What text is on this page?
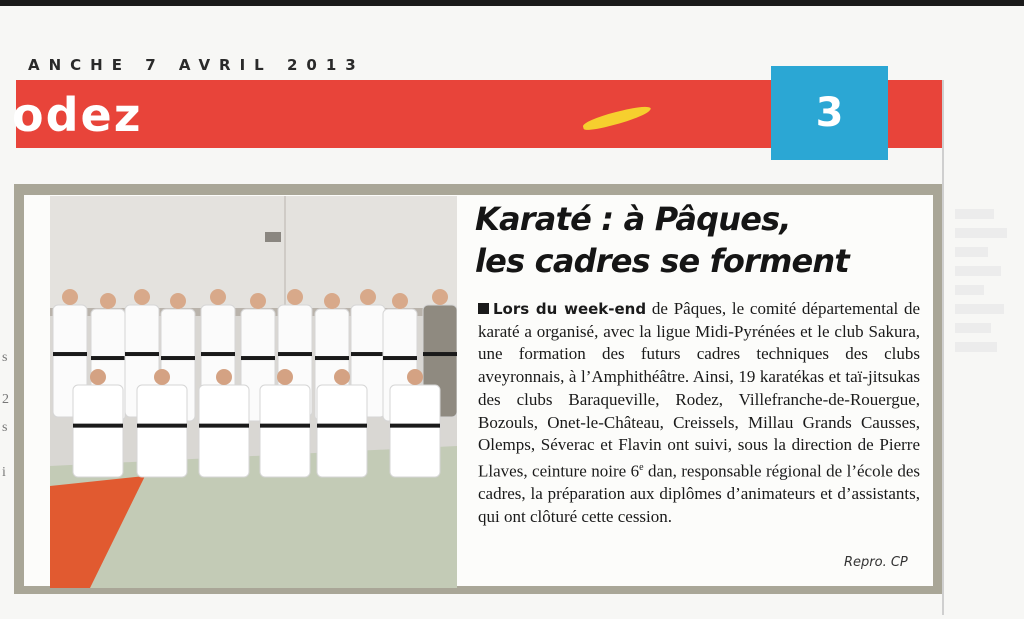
ANCHE 7 AVRIL 2013
odez	3
s
2
s
i
Karaté : à Pâques,
les cadres se forment

Lors du week-end de Pâques, le comité départemental de karaté a organisé, avec la ligue Midi-Pyrénées et le club Sakura, une formation des futurs cadres techniques des clubs aveyronnais, à l’Amphithéâtre. Ainsi, 19 karatékas et taï-jitsukas des clubs Baraqueville, Rodez, Villefranche-de-Rouergue, Bozouls, Onet-le-Château, Creissels, Millau Grands Causses, Olemps, Séverac et Flavin ont suivi, sous la direction de Pierre Llaves, ceinture noire 6e dan, responsable régional de l’école des cadres, la préparation aux diplômes d’animateurs et d’assistants, qui ont clôturé cette cession.

Repro. CP
